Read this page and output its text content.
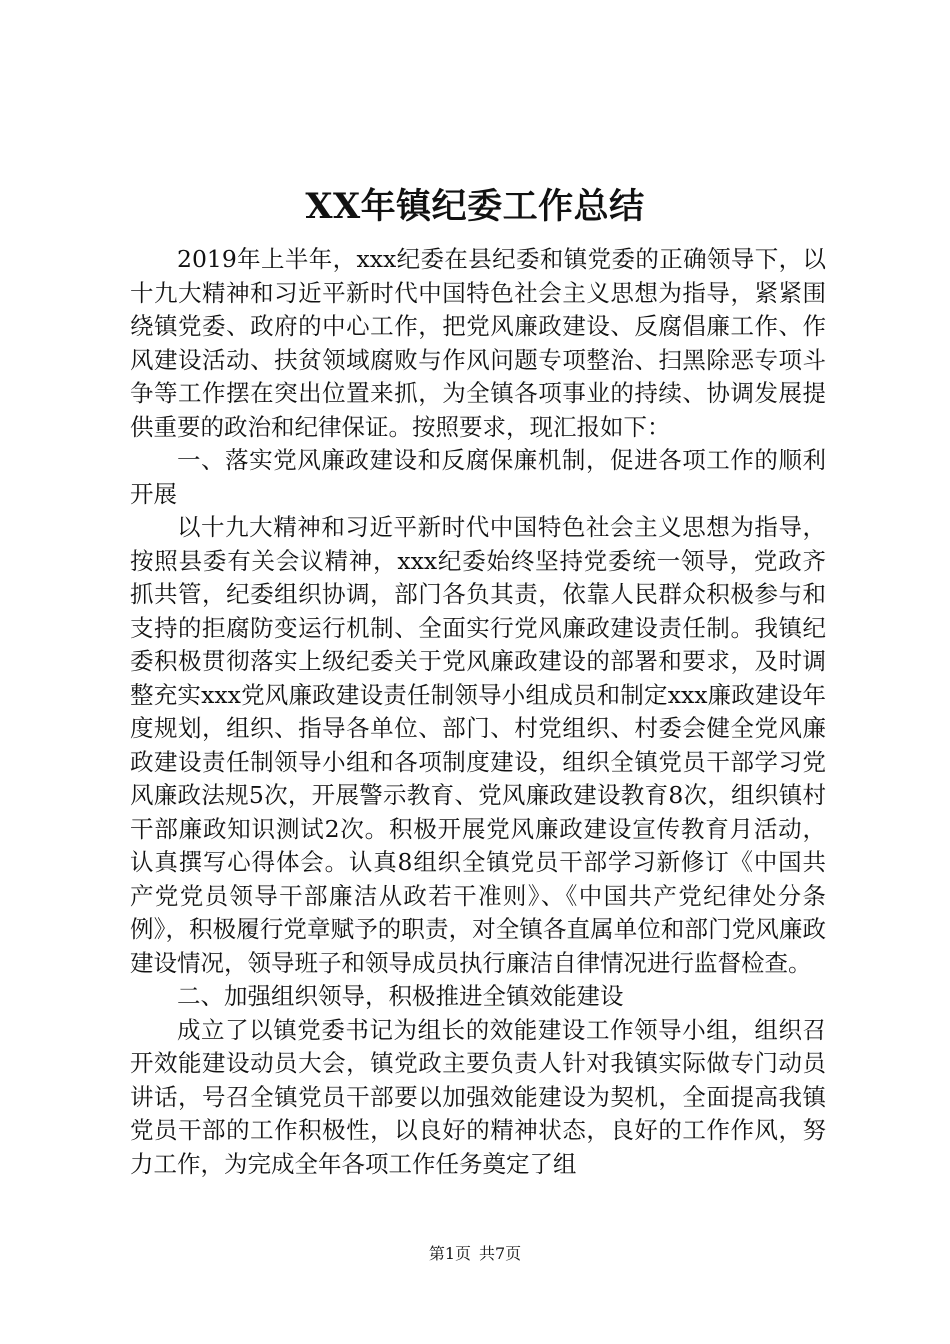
XX年镇纪委工作总结

2019年上半年，xxx纪委在县纪委和镇党委的正确领导下，以十九大精神和习近平新时代中国特色社会主义思想为指导，紧紧围绕镇党委、政府的中心工作，把党风廉政建设、反腐倡廉工作、作风建设活动、扶贫领域腐败与作风问题专项整治、扫黑除恶专项斗争等工作摆在突出位置来抓，为全镇各项事业的持续、协调发展提供重要的政治和纪律保证。按照要求，现汇报如下：

一、落实党风廉政建设和反腐保廉机制，促进各项工作的顺利开展

以十九大精神和习近平新时代中国特色社会主义思想为指导，按照县委有关会议精神，xxx纪委始终坚持党委统一领导，党政齐抓共管，纪委组织协调，部门各负其责，依靠人民群众积极参与和支持的拒腐防变运行机制、全面实行党风廉政建设责任制。我镇纪委积极贯彻落实上级纪委关于党风廉政建设的部署和要求，及时调整充实xxx党风廉政建设责任制领导小组成员和制定xxx廉政建设年度规划，组织、指导各单位、部门、村党组织、村委会健全党风廉政建设责任制领导小组和各项制度建设，组织全镇党员干部学习党风廉政法规5次，开展警示教育、党风廉政建设教育8次，组织镇村干部廉政知识测试2次。积极开展党风廉政建设宣传教育月活动，认真撰写心得体会。认真8组织全镇党员干部学习新修订《中国共产党党员领导干部廉洁从政若干准则》、《中国共产党纪律处分条例》，积极履行党章赋予的职责，对全镇各直属单位和部门党风廉政建设情况，领导班子和领导成员执行廉洁自律情况进行监督检查。

二、加强组织领导，积极推进全镇效能建设

成立了以镇党委书记为组长的效能建设工作领导小组，组织召开效能建设动员大会，镇党政主要负责人针对我镇实际做专门动员讲话，号召全镇党员干部要以加强效能建设为契机，全面提高我镇党员干部的工作积极性，以良好的精神状态，良好的工作作风，努力工作，为完成全年各项工作任务奠定了组

第1页 共7页
